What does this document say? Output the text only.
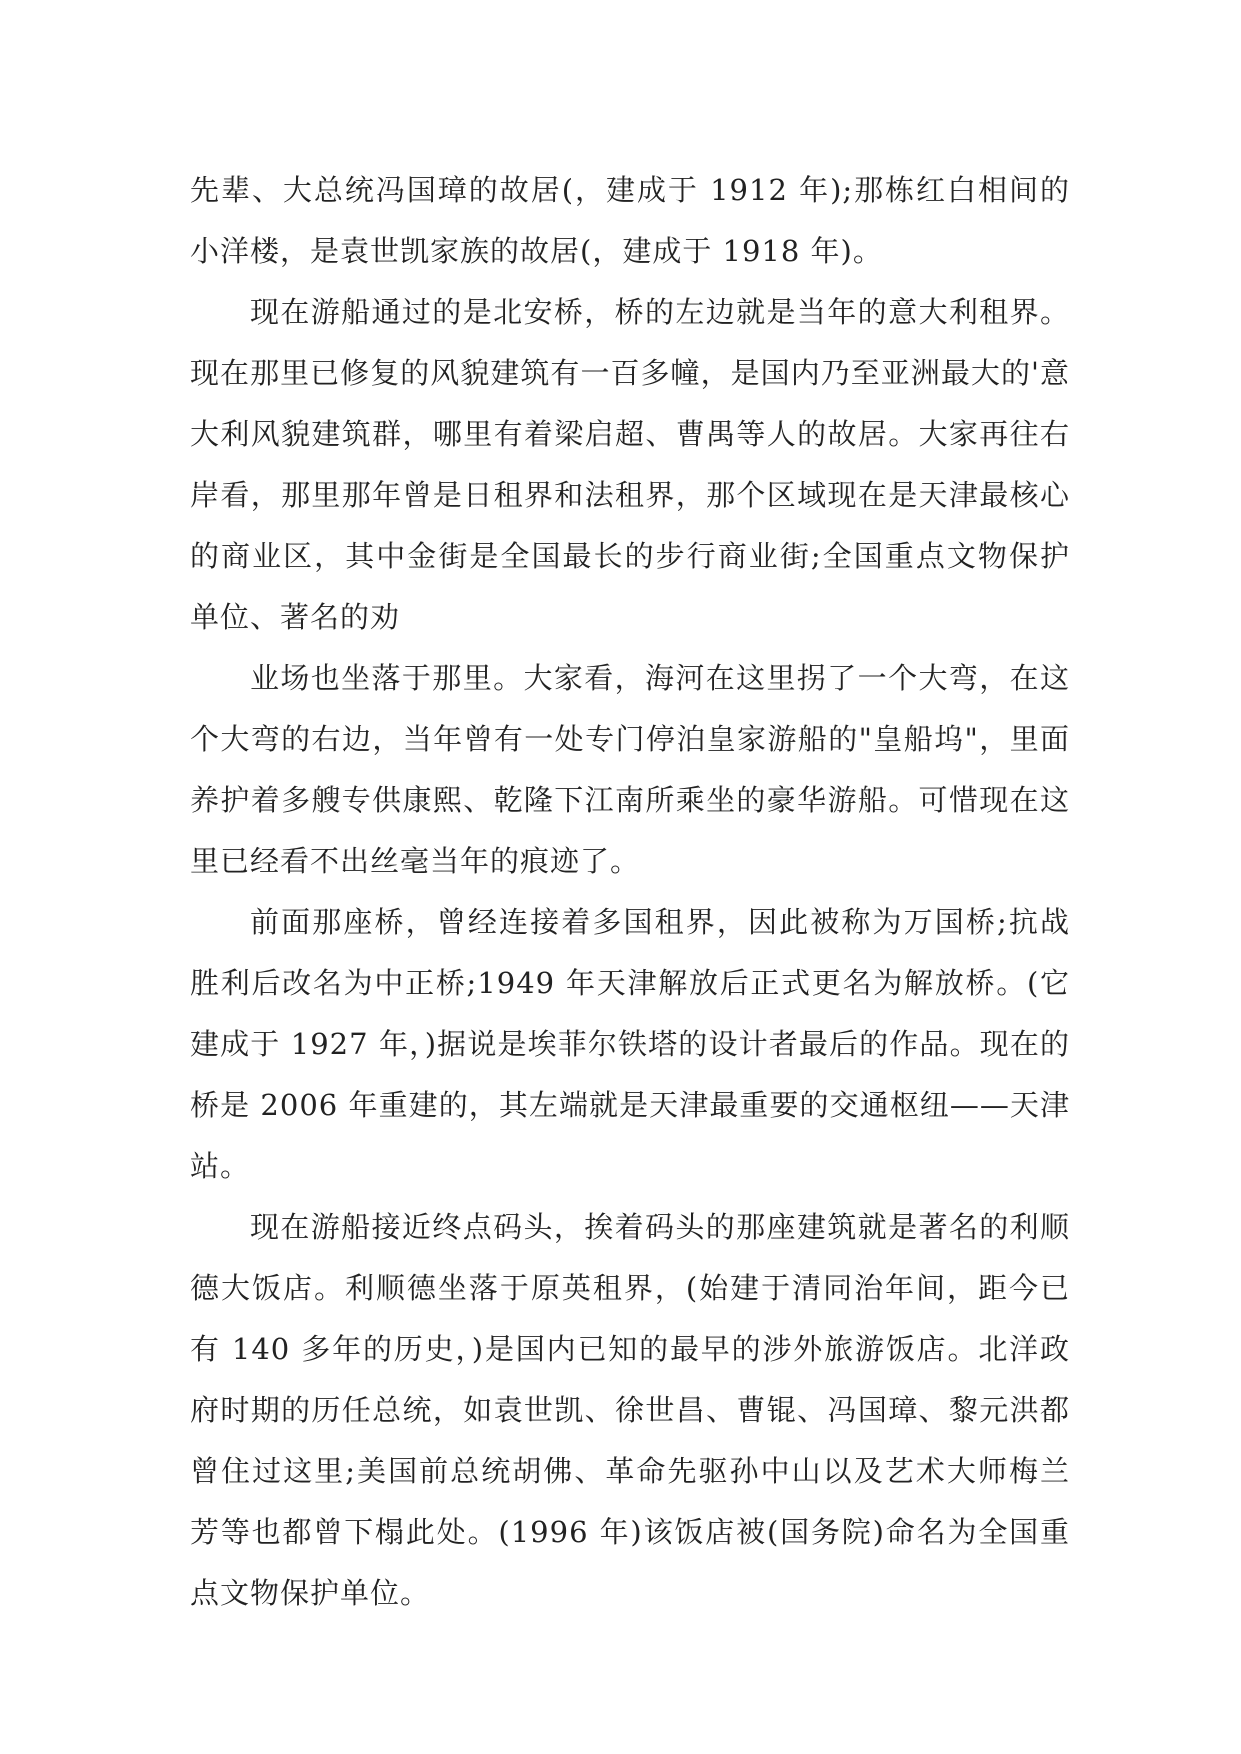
先辈、大总统冯国璋的故居(，建成于 1912 年);那栋红白相间的小洋楼，是袁世凯家族的故居(，建成于 1918 年)。

现在游船通过的是北安桥，桥的左边就是当年的意大利租界。现在那里已修复的风貌建筑有一百多幢，是国内乃至亚洲最大的'意大利风貌建筑群，哪里有着梁启超、曹禺等人的故居。大家再往右岸看，那里那年曾是日租界和法租界，那个区域现在是天津最核心的商业区，其中金街是全国最长的步行商业街;全国重点文物保护单位、著名的劝

业场也坐落于那里。大家看，海河在这里拐了一个大弯，在这个大弯的右边，当年曾有一处专门停泊皇家游船的"皇船坞"，里面养护着多艘专供康熙、乾隆下江南所乘坐的豪华游船。可惜现在这里已经看不出丝毫当年的痕迹了。

前面那座桥，曾经连接着多国租界，因此被称为万国桥;抗战胜利后改名为中正桥;1949 年天津解放后正式更名为解放桥。(它建成于 1927 年，)据说是埃菲尔铁塔的设计者最后的作品。现在的桥是 2006 年重建的，其左端就是天津最重要的交通枢纽——天津站。

现在游船接近终点码头，挨着码头的那座建筑就是著名的利顺德大饭店。利顺德坐落于原英租界，(始建于清同治年间，距今已有 140 多年的历史，)是国内已知的最早的涉外旅游饭店。北洋政府时期的历任总统，如袁世凯、徐世昌、曹锟、冯国璋、黎元洪都曾住过这里;美国前总统胡佛、革命先驱孙中山以及艺术大师梅兰芳等也都曾下榻此处。(1996 年)该饭店被(国务院)命名为全国重点文物保护单位。
